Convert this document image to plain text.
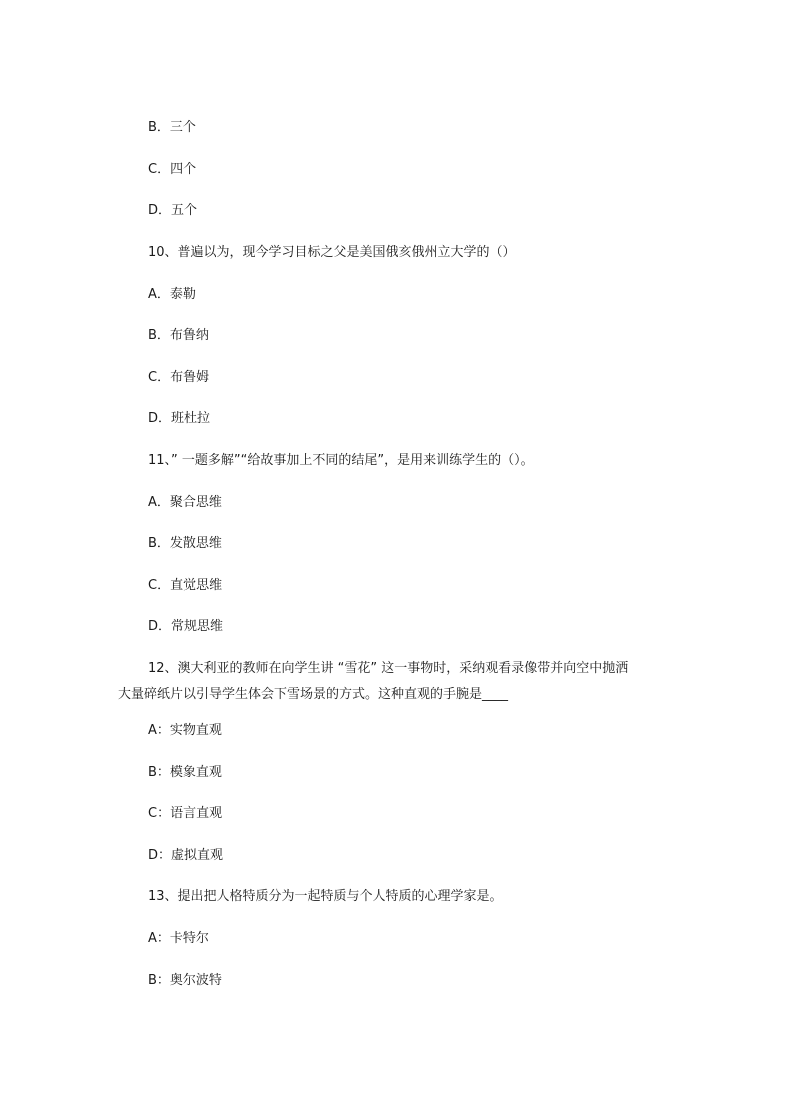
B．三个
C．四个
D．五个
10、普遍以为，现今学习目标之父是美国俄亥俄州立大学的（）
A．泰勒
B．布鲁纳
C．布鲁姆
D．班杜拉
11、” 一题多解”“给故事加上不同的结尾”，是用来训练学生的（）。
A．聚合思维
B．发散思维
C．直觉思维
D．常规思维
12、澳大利亚的教师在向学生讲 “雪花” 这一事物时，采纳观看录像带并向空中抛洒
大量碎纸片以引导学生体会下雪场景的方式。这种直观的手腕是____
A：实物直观
B：模象直观
C：语言直观
D：虚拟直观
13、提出把人格特质分为一起特质与个人特质的心理学家是。
A：卡特尔
B：奥尔波特
